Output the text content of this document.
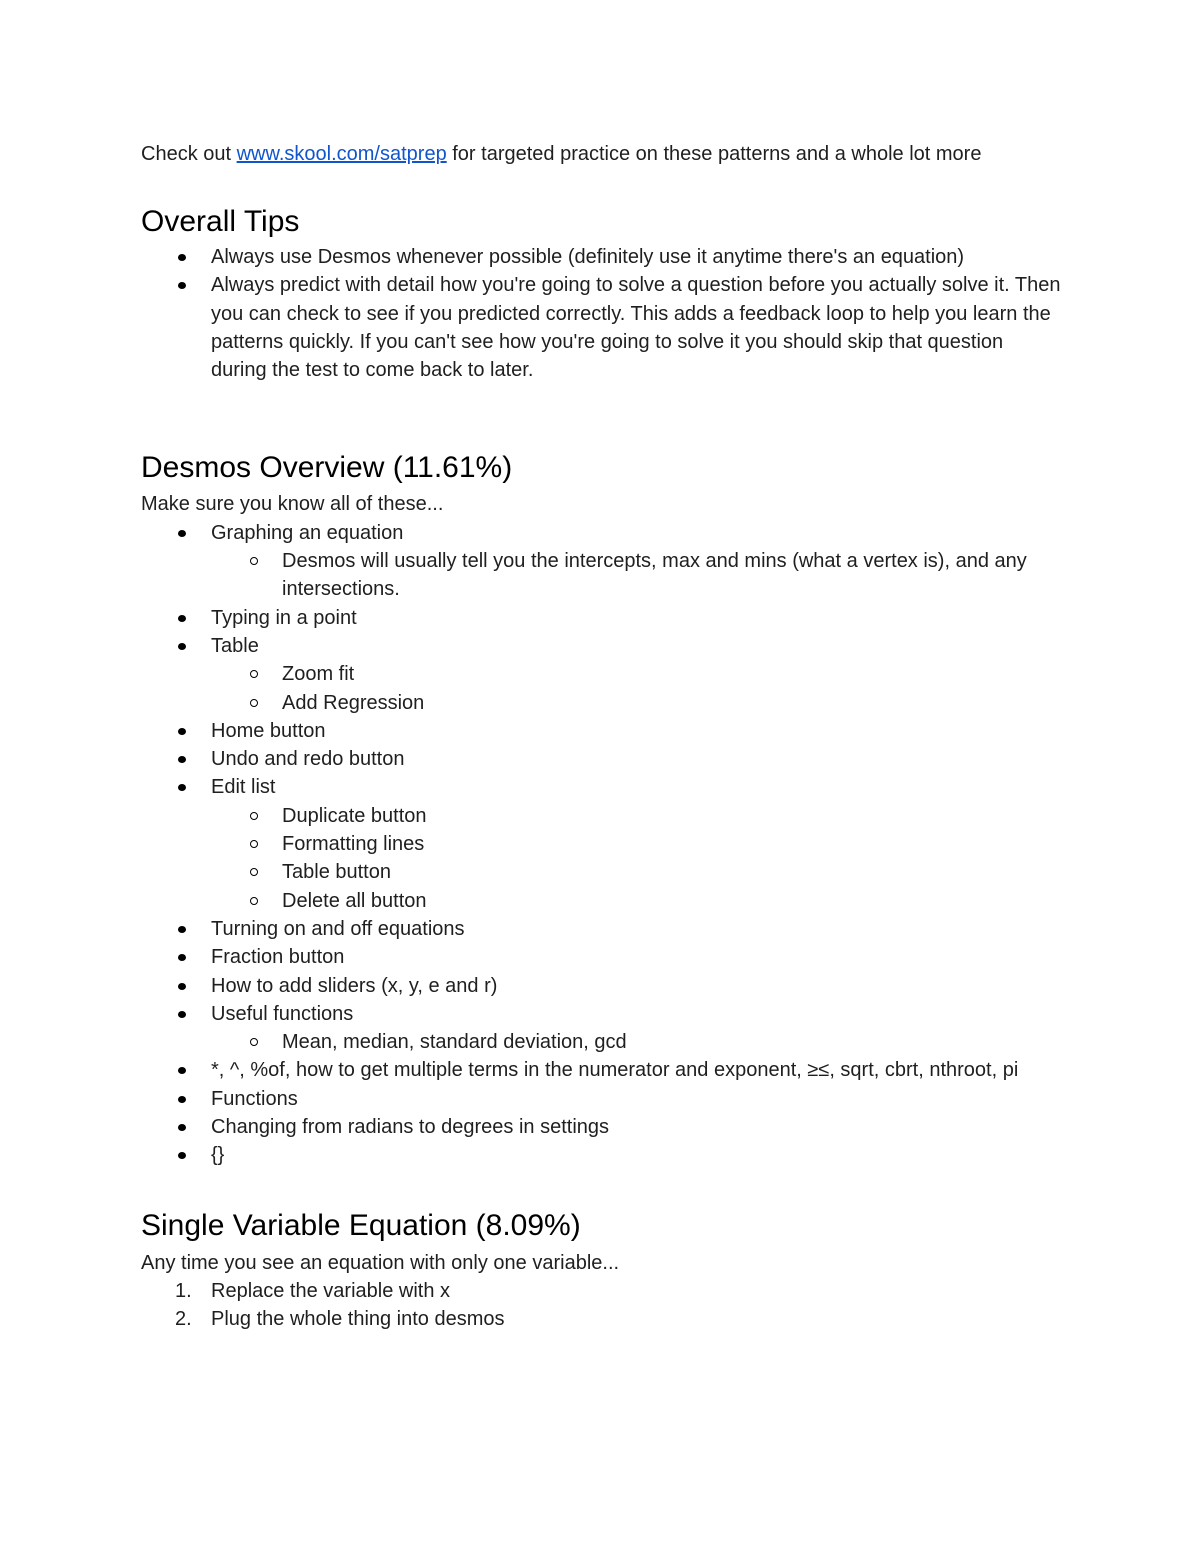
Check out www.skool.com/satprep for targeted practice on these patterns and a whole lot more

Overall Tips
Always use Desmos whenever possible (definitely use it anytime there's an equation)
Always predict with detail how you're going to solve a question before you actually solve it. Then you can check to see if you predicted correctly. This adds a feedback loop to help you learn the patterns quickly. If you can't see how you're going to solve it you should skip that question during the test to come back to later.
Desmos Overview (11.61%)

Make sure you know all of these...

Graphing an equation
Desmos will usually tell you the intercepts, max and mins (what a vertex is), and any intersections.
Typing in a point
Table
Zoom fit
Add Regression
Home button
Undo and redo button
Edit list
Duplicate button
Formatting lines
Table button
Delete all button
Turning on and off equations
Fraction button
How to add sliders (x, y, e and r)
Useful functions
Mean, median, standard deviation, gcd
*, ^, %of, how to get multiple terms in the numerator and exponent, ≥≤, sqrt, cbrt, nthroot, pi
Functions
Changing from radians to degrees in settings
{}
Single Variable Equation (8.09%)

Any time you see an equation with only one variable...

1. Replace the variable with x
2. Plug the whole thing into desmos
